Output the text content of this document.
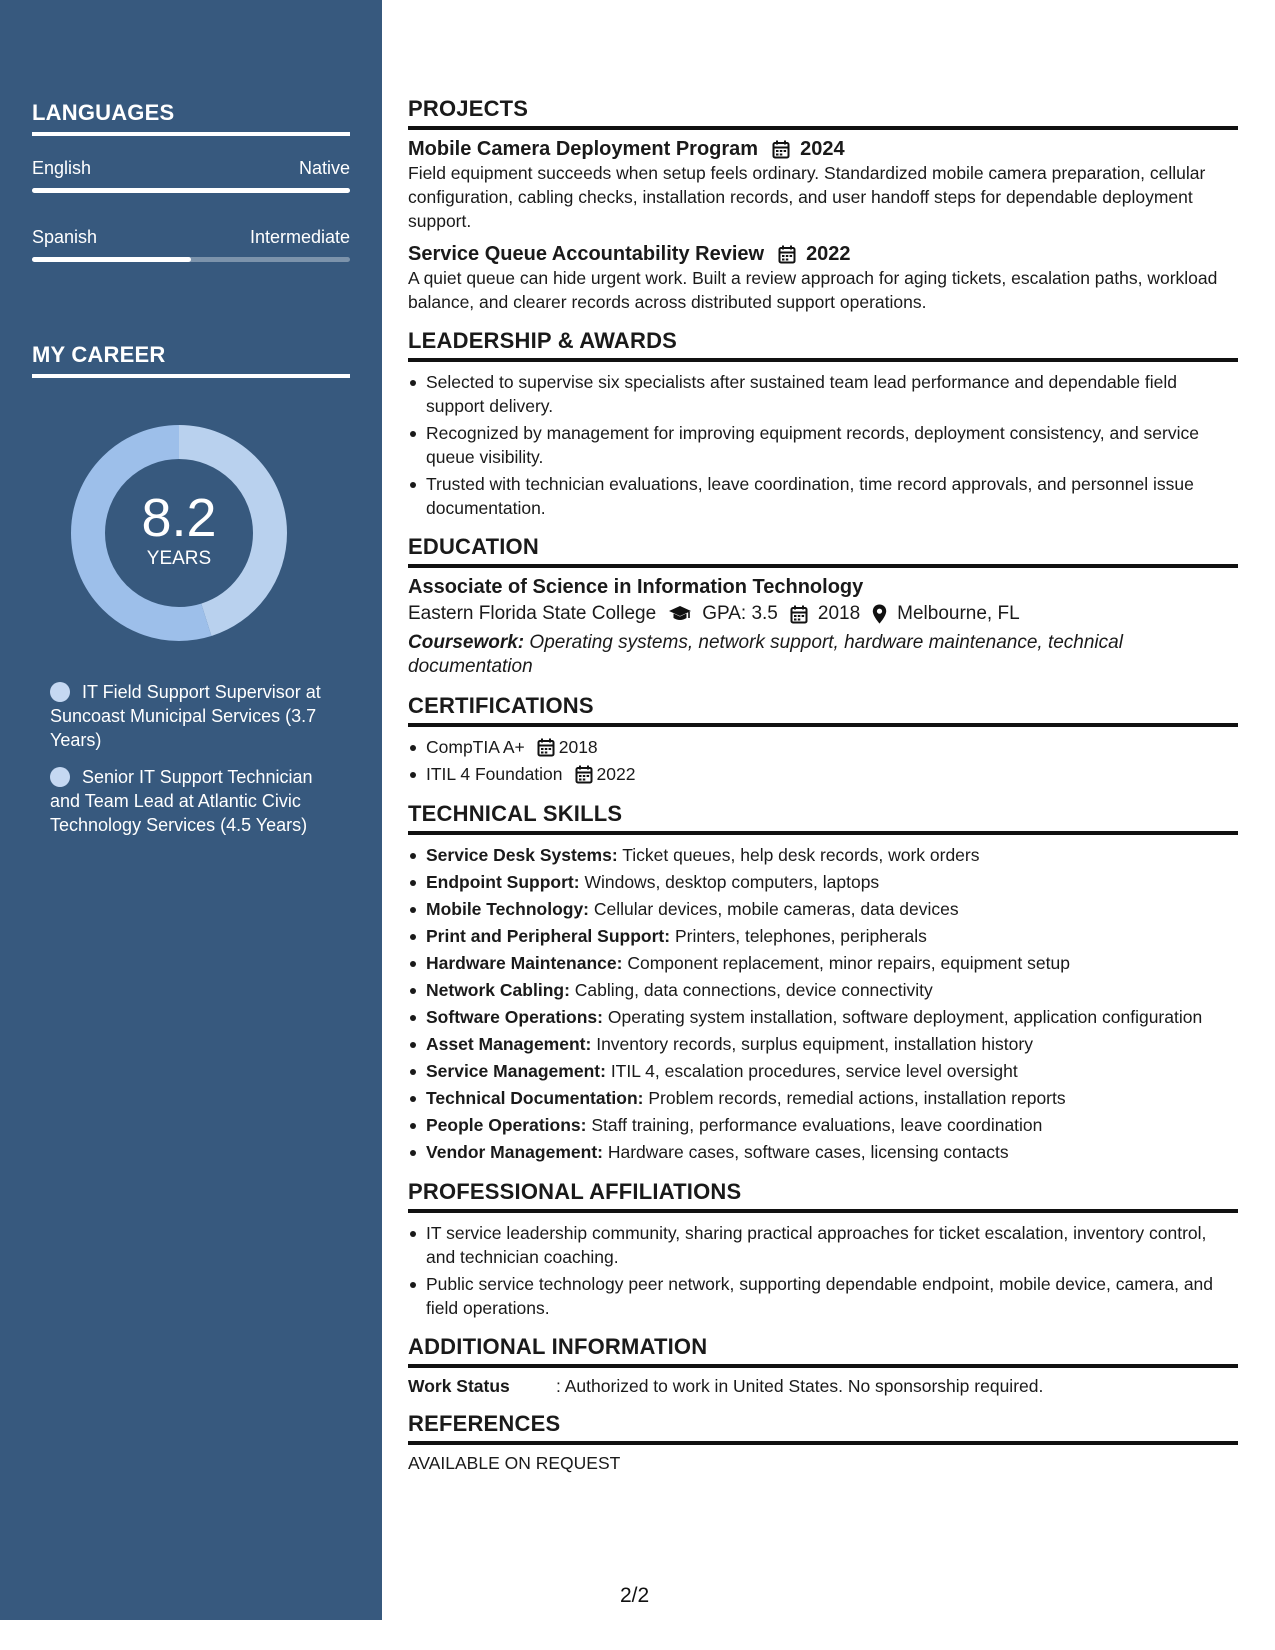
LANGUAGES
English	Native
Spanish	Intermediate
MY CAREER
8.2
YEARS
IT Field Support Supervisor at Suncoast Municipal Services (3.7 Years)
Senior IT Support Technician and Team Lead at Atlantic Civic Technology Services (4.5 Years)
PROJECTS
Mobile Camera Deployment Program 2024
Field equipment succeeds when setup feels ordinary. Standardized mobile camera preparation, cellular configuration, cabling checks, installation records, and user handoff steps for dependable deployment support.
Service Queue Accountability Review 2022
A quiet queue can hide urgent work. Built a review approach for aging tickets, escalation paths, workload balance, and clearer records across distributed support operations.
LEADERSHIP & AWARDS
Selected to supervise six specialists after sustained team lead performance and dependable field support delivery.
Recognized by management for improving equipment records, deployment consistency, and service queue visibility.
Trusted with technician evaluations, leave coordination, time record approvals, and personnel issue documentation.
EDUCATION
Associate of Science in Information Technology
Eastern Florida State College GPA: 3.5 2018 Melbourne, FL
Coursework: Operating systems, network support, hardware maintenance, technical documentation
CERTIFICATIONS
CompTIA A+ 2018
ITIL 4 Foundation 2022
TECHNICAL SKILLS
Service Desk Systems: Ticket queues, help desk records, work orders
Endpoint Support: Windows, desktop computers, laptops
Mobile Technology: Cellular devices, mobile cameras, data devices
Print and Peripheral Support: Printers, telephones, peripherals
Hardware Maintenance: Component replacement, minor repairs, equipment setup
Network Cabling: Cabling, data connections, device connectivity
Software Operations: Operating system installation, software deployment, application configuration
Asset Management: Inventory records, surplus equipment, installation history
Service Management: ITIL 4, escalation procedures, service level oversight
Technical Documentation: Problem records, remedial actions, installation reports
People Operations: Staff training, performance evaluations, leave coordination
Vendor Management: Hardware cases, software cases, licensing contacts
PROFESSIONAL AFFILIATIONS
IT service leadership community, sharing practical approaches for ticket escalation, inventory control, and technician coaching.
Public service technology peer network, supporting dependable endpoint, mobile device, camera, and field operations.
ADDITIONAL INFORMATION
Work Status	: Authorized to work in United States. No sponsorship required.
REFERENCES
AVAILABLE ON REQUEST
2/2
